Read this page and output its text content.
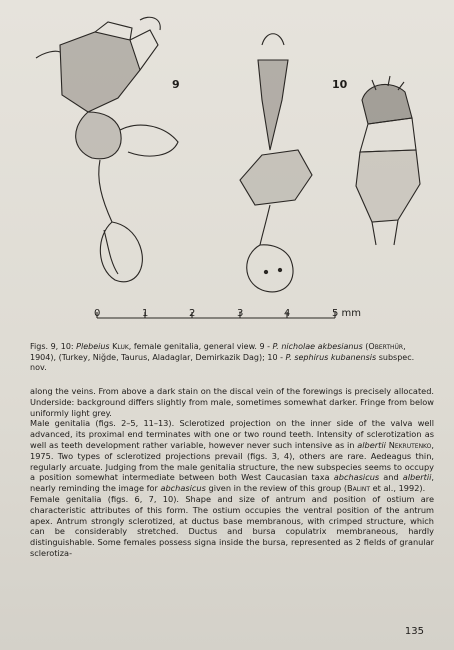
9	10
0	1	2	3	4	5 mm
Figs. 9, 10: Plebeius Kluk, female genitalia, general view. 9 - P. nicholae akbesianus (Oberthür, 1904), (Turkey, Niğde, Taurus, Aladaglar, Demirkazik Dag); 10 - P. sephirus kubanensis subspec. nov.

along the veins. From above a dark stain on the discal vein of the forewings is precisely allocated. Underside: background differs slightly from male, sometimes somewhat darker. Fringe from below uniformly light grey.

Male genitalia (figs. 2–5, 11–13). Sclerotized projection on the inner side of the valva well advanced, its proximal end terminates with one or two round teeth. Intensity of sclerotization as well as teeth development rather variable, however never such intensive as in albertii Nekrutenko, 1975. Two types of sclerotized projections prevail (figs. 3, 4), others are rare. Aedeagus thin, regularly arcuate. Judging from the male genitalia structure, the new subspecies seems to occupy a position somewhat intermediate between both West Caucasian taxa abchasicus and albertii, nearly reminding the image for abchasicus given in the review of this group (Balint et al., 1992).

Female genitalia (figs. 6, 7, 10). Shape and size of antrum and position of ostium are characteristic attributes of this form. The ostium occupies the ventral position of the antrum apex. Antrum strongly sclerotized, at ductus base membranous, with crimped structure, which can be considerably stretched. Ductus and bursa copulatrix membraneous, hardly distinguishable. Some females possess signa inside the bursa, represented as 2 fields of granular sclerotiza-

135
